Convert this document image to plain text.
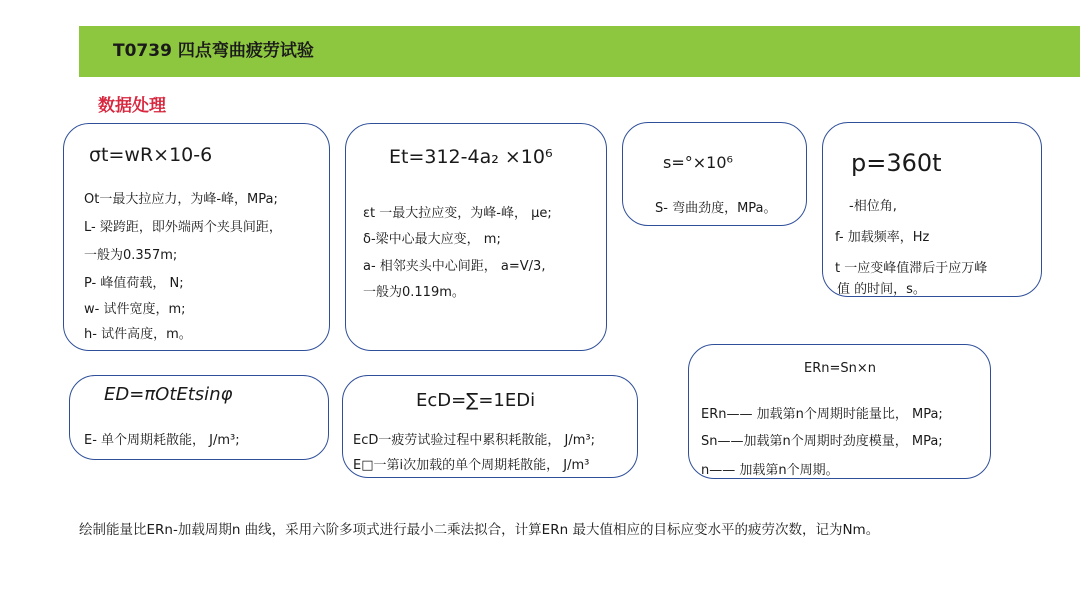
T0739 四点弯曲疲劳试验
数据处理
σt=wR×10-6
Ot一最大拉应力，为峰-峰，MPa;
L- 梁跨距，即外端两个夹具间距，
一般为0.357m;
P- 峰值荷载， N;
w- 试件宽度，m;
h- 试件高度，m。
Et=312-4a₂ ×10⁶
εt 一最大拉应变，为峰-峰， μe;
δ-梁中心最大应变， m;
a- 相邻夹头中心间距， a=V/3,
一般为0.119m。
s=°×10⁶
S- 弯曲劲度，MPa。
p=360t
-相位角,
f- 加载频率，Hz
t 一应变峰值滞后于应万峰
值 的时间，s。
ED=πOtEtsinφ
E- 单个周期耗散能， J/m³;
EcD=∑=1EDi
EcD一疲劳试验过程中累积耗散能， J/m³;
E□一第i次加载的单个周期耗散能， J/m³
ERn=Sn×n
ERn—— 加载第n个周期时能量比， MPa;
Sn——加载第n个周期时劲度模量， MPa;
n—— 加载第n个周期。
绘制能量比ERn-加载周期n 曲线，采用六阶多项式进行最小二乘法拟合，计算ERn 最大值相应的目标应变水平的疲劳次数，记为Nm。
